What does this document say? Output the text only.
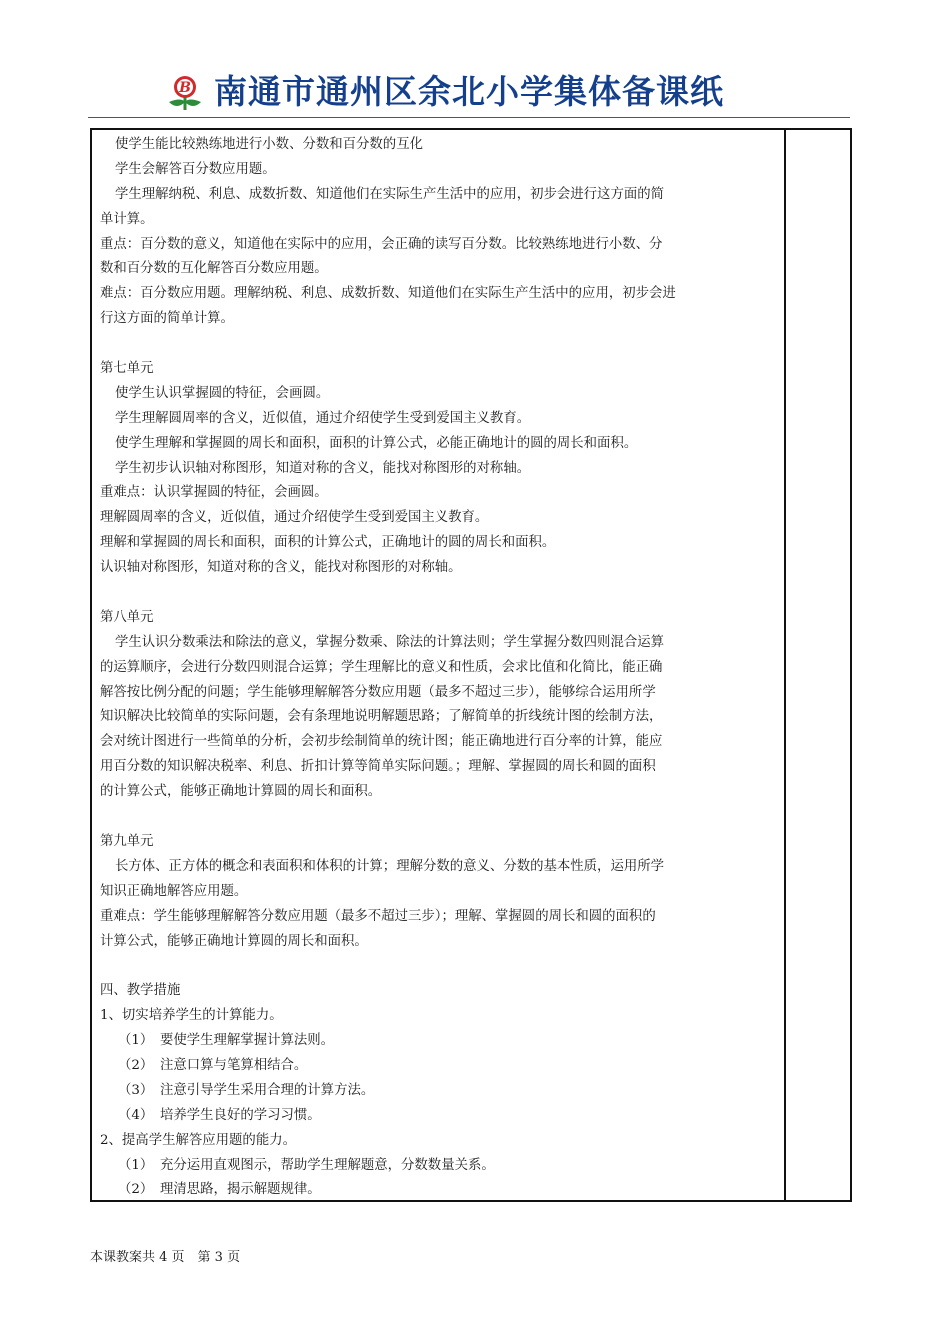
B 南通市通州区余北小学集体备课纸
使学生能比较熟练地进行小数、分数和百分数的互化
学生会解答百分数应用题。
学生理解纳税、利息、成数折数、知道他们在实际生产生活中的应用，初步会进行这方面的简
单计算。
重点：百分数的意义，知道他在实际中的应用，会正确的读写百分数。比较熟练地进行小数、分
数和百分数的互化解答百分数应用题。
难点：百分数应用题。理解纳税、利息、成数折数、知道他们在实际生产生活中的应用，初步会进
行这方面的简单计算。
第七单元
使学生认识掌握圆的特征，会画圆。
学生理解圆周率的含义，近似值，通过介绍使学生受到爱国主义教育。
使学生理解和掌握圆的周长和面积，面积的计算公式，必能正确地计的圆的周长和面积。
学生初步认识轴对称图形，知道对称的含义，能找对称图形的对称轴。
重难点：认识掌握圆的特征，会画圆。
理解圆周率的含义，近似值，通过介绍使学生受到爱国主义教育。
理解和掌握圆的周长和面积，面积的计算公式，正确地计的圆的周长和面积。
认识轴对称图形，知道对称的含义，能找对称图形的对称轴。
第八单元
学生认识分数乘法和除法的意义，掌握分数乘、除法的计算法则；学生掌握分数四则混合运算
的运算顺序，会进行分数四则混合运算；学生理解比的意义和性质，会求比值和化简比，能正确
解答按比例分配的问题；学生能够理解解答分数应用题（最多不超过三步），能够综合运用所学
知识解决比较简单的实际问题，会有条理地说明解题思路；了解简单的折线统计图的绘制方法，
会对统计图进行一些简单的分析，会初步绘制简单的统计图；能正确地进行百分率的计算，能应
用百分数的知识解决税率、利息、折扣计算等简单实际问题。；理解、掌握圆的周长和圆的面积
的计算公式，能够正确地计算圆的周长和面积。
第九单元
长方体、正方体的概念和表面积和体积的计算；理解分数的意义、分数的基本性质，运用所学
知识正确地解答应用题。
重难点：学生能够理解解答分数应用题（最多不超过三步）；理解、掌握圆的周长和圆的面积的
计算公式，能够正确地计算圆的周长和面积。
四、教学措施
1、切实培养学生的计算能力。
（1）　要使学生理解掌握计算法则。
（2）　注意口算与笔算相结合。
（3）　注意引导学生采用合理的计算方法。
（4）　培养学生良好的学习习惯。
2、提高学生解答应用题的能力。
（1）　充分运用直观图示，帮助学生理解题意，分数数量关系。
（2）　理清思路，揭示解题规律。
本课教案共 4 页　第 3 页
